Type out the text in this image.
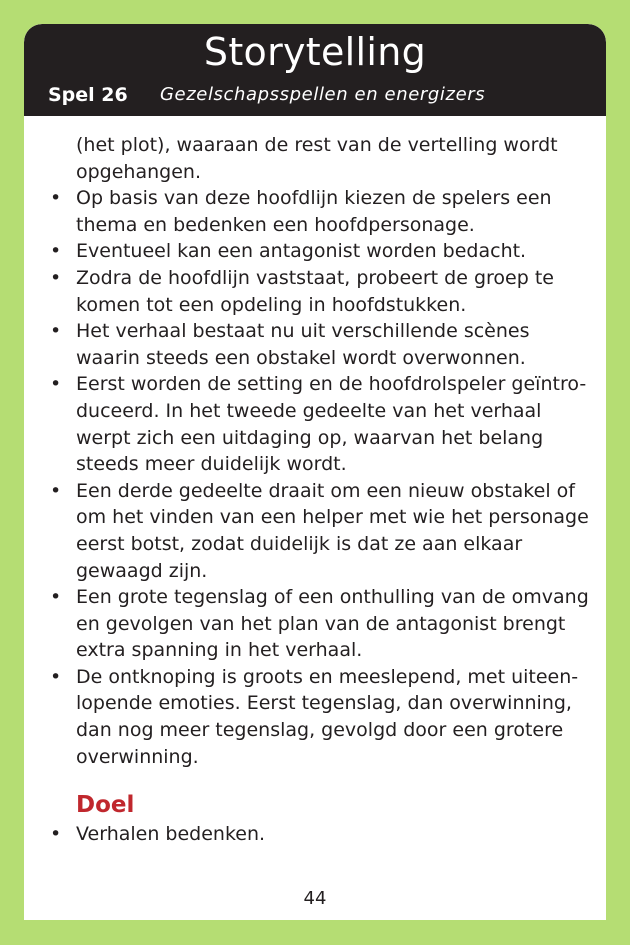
Storytelling
Spel 26 Gezelschapsspellen en energizers
(het plot), waaraan de rest van de vertelling wordt opgehangen.
• Op basis van deze hoofdlijn kiezen de spelers een thema en bedenken een hoofdpersonage.
• Eventueel kan een antagonist worden bedacht.
• Zodra de hoofdlijn vaststaat, probeert de groep te komen tot een opdeling in hoofdstukken.
• Het verhaal bestaat nu uit verschillende scènes waarin steeds een obstakel wordt overwonnen.
• Eerst worden de setting en de hoofdrolspeler geïntro-duceerd. In het tweede gedeelte van het verhaal werpt zich een uitdaging op, waarvan het belang steeds meer duidelijk wordt.
• Een derde gedeelte draait om een nieuw obstakel of om het vinden van een helper met wie het personage eerst botst, zodat duidelijk is dat ze aan elkaar gewaagd zijn.
• Een grote tegenslag of een onthulling van de omvang en gevolgen van het plan van de antagonist brengt extra spanning in het verhaal.
• De ontknoping is groots en meeslepend, met uiteen-lopende emoties. Eerst tegenslag, dan overwinning, dan nog meer tegenslag, gevolgd door een grotere overwinning.
Doel
• Verhalen bedenken.
44
